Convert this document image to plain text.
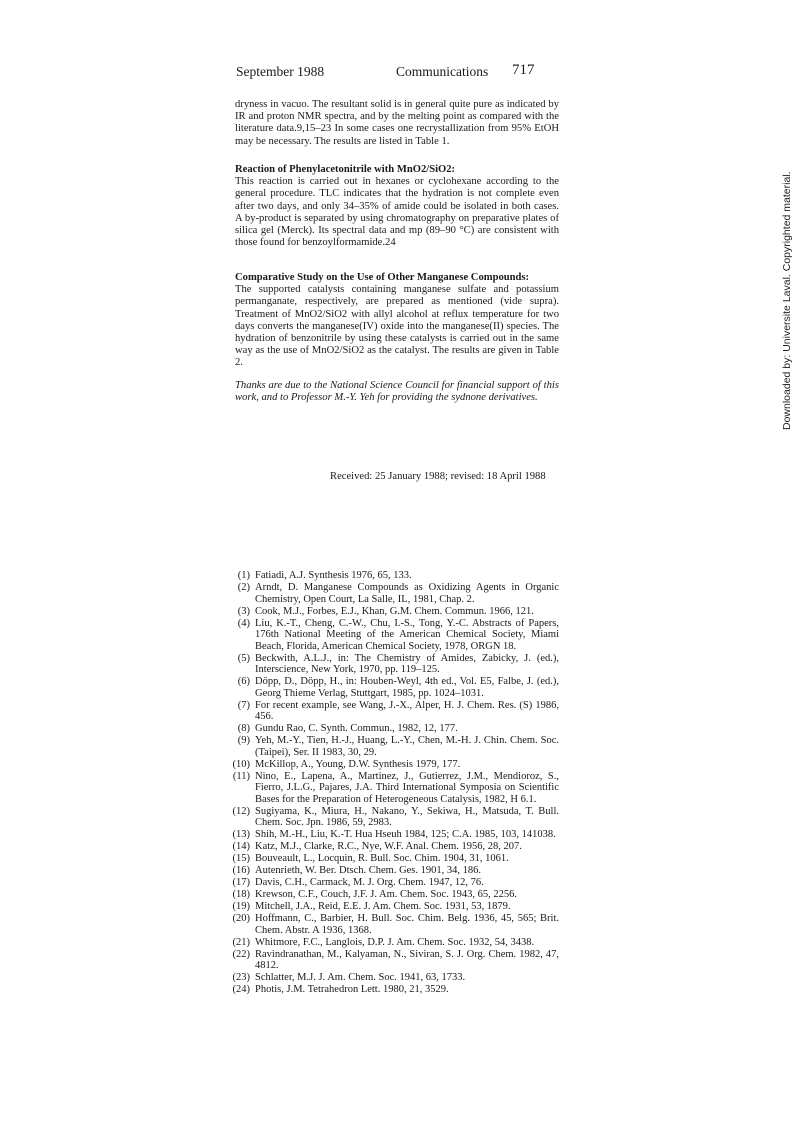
September 1988	Communications 717

dryness in vacuo. The resultant solid is in general quite pure as indicated by IR and proton NMR spectra, and by the melting point as compared with the literature data.9,15–23 In some cases one recrystallization from 95% EtOH may be necessary. The results are listed in Table 1.

Reaction of Phenylacetonitrile with MnO2/SiO2:

This reaction is carried out in hexanes or cyclohexane according to the general procedure. TLC indicates that the hydration is not complete even after two days, and only 34–35% of amide could be isolated in both cases. A by-product is separated by using chromatography on preparative plates of silica gel (Merck). Its spectral data and mp (89–90 °C) are consistent with those found for benzoylformamide.24

Comparative Study on the Use of Other Manganese Compounds:

The supported catalysts containing manganese sulfate and potassium permanganate, respectively, are prepared as mentioned (vide supra). Treatment of MnO2/SiO2 with allyl alcohol at reflux temperature for two days converts the manganese(IV) oxide into the manganese(II) species. The hydration of benzonitrile by using these catalysts is carried out in the same way as the use of MnO2/SiO2 as the catalyst. The results are given in Table 2.

Thanks are due to the National Science Council for financial support of this work, and to Professor M.-Y. Yeh for providing the sydnone derivatives.

Received: 25 January 1988; revised: 18 April 1988
Downloaded by: Universite Laval. Copyrighted material.
(1) Fatiadi, A.J. Synthesis 1976, 65, 133.
(2) Arndt, D. Manganese Compounds as Oxidizing Agents in Organic Chemistry, Open Court, La Salle, IL, 1981, Chap. 2.
(3) Cook, M.J., Forbes, E.J., Khan, G.M. Chem. Commun. 1966, 121.
(4) Liu, K.-T., Cheng, C.-W., Chu, I.-S., Tong, Y.-C. Abstracts of Papers, 176th National Meeting of the American Chemical Society, Miami Beach, Florida, American Chemical Society, 1978, ORGN 18.
(5) Beckwith, A.L.J., in: The Chemistry of Amides, Zabicky, J. (ed.), Interscience, New York, 1970, pp. 119–125.
(6) Döpp, D., Döpp, H., in: Houben-Weyl, 4th ed., Vol. E5, Falbe, J. (ed.), Georg Thieme Verlag, Stuttgart, 1985, pp. 1024–1031.
(7) For recent example, see Wang, J.-X., Alper, H. J. Chem. Res. (S) 1986, 456.
(8) Gundu Rao, C. Synth. Commun., 1982, 12, 177.
(9) Yeh, M.-Y., Tien, H.-J., Huang, L.-Y., Chen, M.-H. J. Chin. Chem. Soc. (Taipei), Ser. II 1983, 30, 29.
(10) McKillop, A., Young, D.W. Synthesis 1979, 177.
(11) Nino, E., Lapena, A., Martinez, J., Gutierrez, J.M., Mendioroz, S., Fierro, J.L.G., Pajares, J.A. Third International Symposia on Scientific Bases for the Preparation of Heterogeneous Catalysis, 1982, H 6.1.
(12) Sugiyama, K., Miura, H., Nakano, Y., Sekiwa, H., Matsuda, T. Bull. Chem. Soc. Jpn. 1986, 59, 2983.
(13) Shih, M.-H., Liu, K.-T. Hua Hseuh 1984, 125; C.A. 1985, 103, 141038.
(14) Katz, M.J., Clarke, R.C., Nye, W.F. Anal. Chem. 1956, 28, 207.
(15) Bouveault, L., Locquin, R. Bull. Soc. Chim. 1904, 31, 1061.
(16) Autenrieth, W. Ber. Dtsch. Chem. Ges. 1901, 34, 186.
(17) Davis, C.H., Carmack, M. J. Org. Chem. 1947, 12, 76.
(18) Krewson, C.F., Couch, J.F. J. Am. Chem. Soc. 1943, 65, 2256.
(19) Mitchell, J.A., Reid, E.E. J. Am. Chem. Soc. 1931, 53, 1879.
(20) Hoffmann, C., Barbier, H. Bull. Soc. Chim. Belg. 1936, 45, 565; Brit. Chem. Abstr. A 1936, 1368.
(21) Whitmore, F.C., Langlois, D.P. J. Am. Chem. Soc. 1932, 54, 3438.
(22) Ravindranathan, M., Kalyaman, N., Siviran, S. J. Org. Chem. 1982, 47, 4812.
(23) Schlatter, M.J. J. Am. Chem. Soc. 1941, 63, 1733.
(24) Photis, J.M. Tetrahedron Lett. 1980, 21, 3529.
